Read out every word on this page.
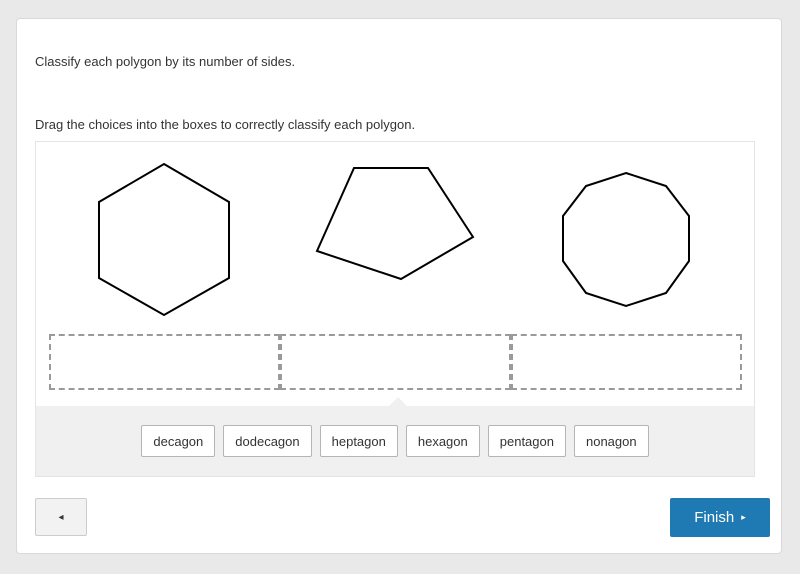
Classify each polygon by its number of sides.

Drag the choices into the boxes to correctly classify each polygon.

decagon	dodecagon	heptagon	hexagon	pentagon	nonagon
◂	Finish ▸
